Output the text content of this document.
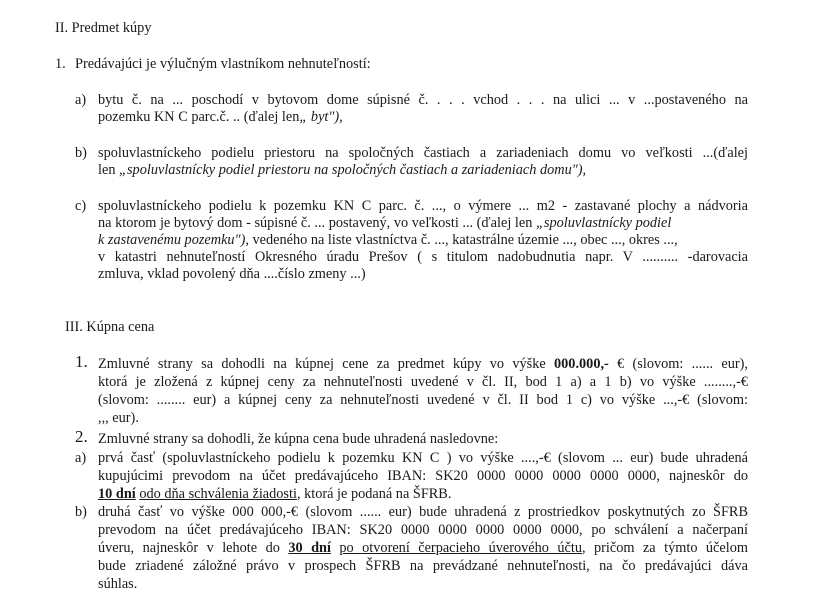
II. Predmet kúpy
1. Predávajúci je výlučným vlastníkom nehnuteľností:
a) bytu č. na ... poschodí v bytovom dome súpisné č. . . . vchod . . . na ulici ... v ...postaveného na
pozemku KN C parc.č. .. (ďalej len„ byt"),
b) spoluvlastníckeho podielu priestoru na spoločných častiach a zariadeniach domu vo veľkosti ...(ďalej
len „spoluvlastnícky podiel priestoru na spoločných častiach a zariadeniach domu"),
c) spoluvlastníckeho podielu k pozemku KN C parc. č. ..., o výmere ... m2 - zastavané plochy a nádvoria
na ktorom je bytový dom - súpisné č. ... postavený, vo veľkosti ... (ďalej len „spoluvlastnícky podiel
k zastavenému pozemku"), vedeného na liste vlastníctva č. ..., katastrálne územie ..., obec ..., okres ...,
v katastri nehnuteľností Okresného úradu Prešov ( s titulom nadobudnutia napr. V .......... -darovacia
zmluva, vklad povolený dňa ....číslo zmeny ...)
III. Kúpna cena
1. Zmluvné strany sa dohodli na kúpnej cene za predmet kúpy vo výške 000.000,- € (slovom: ...... eur),
ktorá je zložená z kúpnej ceny za nehnuteľnosti uvedené v čl. II, bod 1 a) a 1 b) vo výške ........,-€
(slovom: ........ eur) a kúpnej ceny za nehnuteľnosti uvedené v čl. II bod 1 c) vo výške ...,-€ (slovom:
,,, eur).
2. Zmluvné strany sa dohodli, že kúpna cena bude uhradená nasledovne:
a) prvá časť (spoluvlastníckeho podielu k pozemku KN C ) vo výške ....,-€ (slovom ... eur) bude uhradená
kupujúcimi prevodom na účet predávajúceho IBAN: SK20 0000 0000 0000 0000 0000, najneskôr do
10 dní odo dňa schválenia žiadosti, ktorá je podaná na ŠFRB.
b) druhá časť vo výške 000 000,-€ (slovom ...... eur) bude uhradená z prostriedkov poskytnutých zo ŠFRB
prevodom na účet predávajúceho IBAN: SK20 0000 0000 0000 0000 0000, po schválení a načerpaní
úveru, najneskôr v lehote do 30 dní po otvorení čerpacieho úverového účtu, pričom za týmto účelom
bude zriadené záložné právo v prospech ŠFRB na prevádzané nehnuteľnosti, na čo predávajúci dáva
súhlas.
